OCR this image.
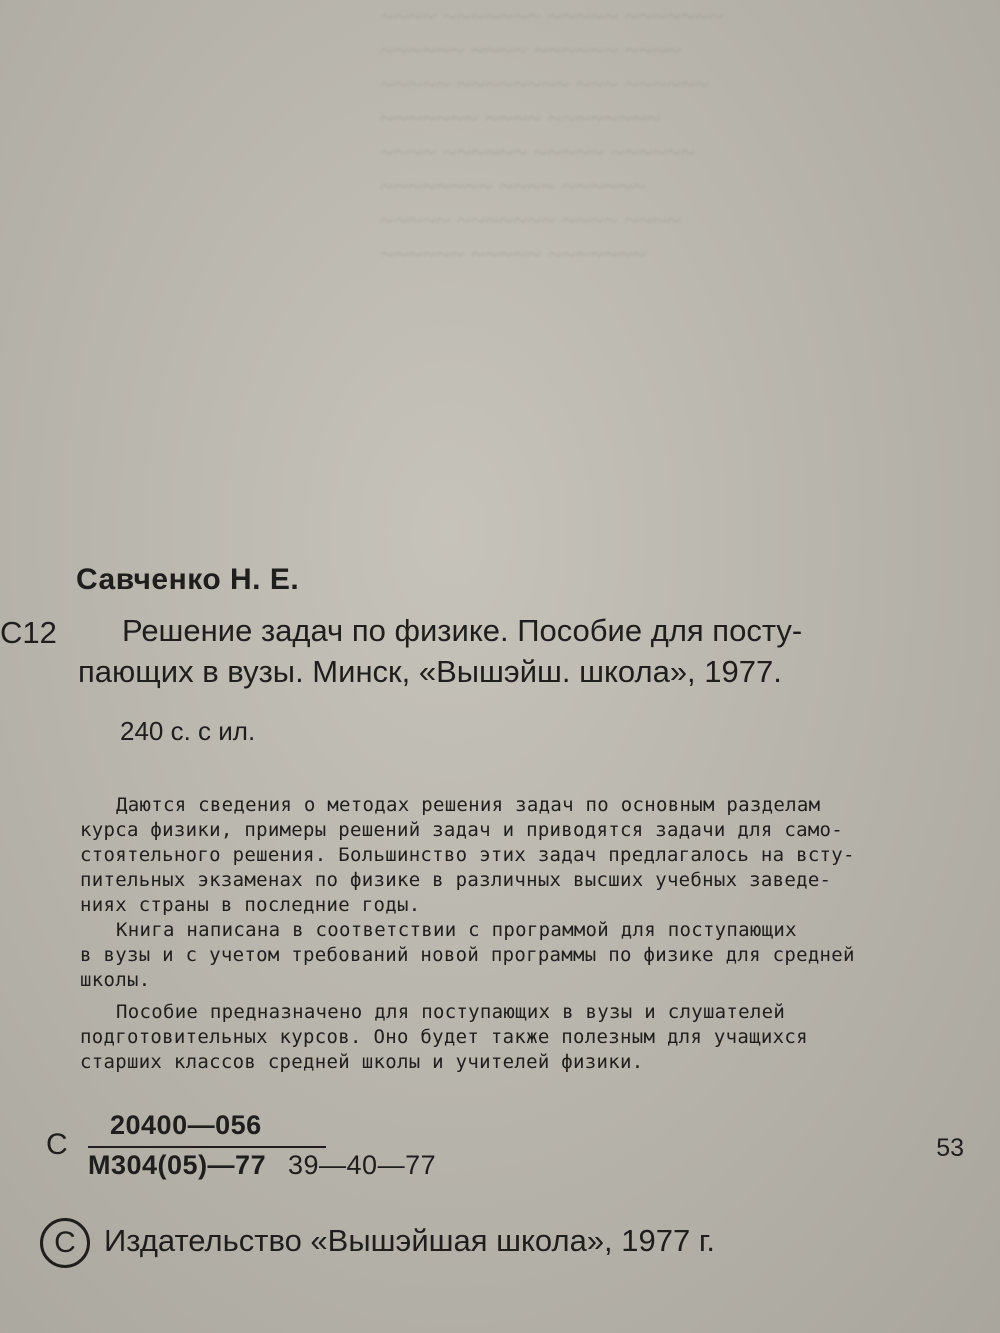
~~~~ ~~~~~~~ ~~~~~ ~~~~~~~
~~~~~~ ~~~~ ~~~~~~ ~~~~
~~~~~ ~~~~~~~~ ~~~ ~~~~~~
~~~~~~~ ~~~~ ~~~~~~~~
~~~~ ~~~~~~ ~~~~~ ~~~~~~
~~~~~~~~ ~~~~ ~~~~~~
~~~~~ ~~~~~~~ ~~~~ ~~~~
~~~~~~ ~~~~~ ~~~~~~~
Савченко Н. Е.
С12 Решение задач по физике. Пособие для посту-
пающих в вузы. Минск, «Вышэйш. школа», 1977.
240 с. с ил.
Даются сведения о методах решения задач по основным разделам
курса физики, примеры решений задач и приводятся задачи для само-
стоятельного решения. Большинство этих задач предлагалось на всту-
пительных экзаменах по физике в различных высших учебных заведе-
ниях страны в последние годы.
Книга написана в соответствии с программой для поступающих
в вузы и с учетом требований новой программы по физике для средней
школы.
Пособие предназначено для поступающих в вузы и слушателей
подготовительных курсов. Оно будет также полезным для учащихся
старших классов средней школы и учителей физики.
С
20400—056
М304(05)—77 39—40—77
53
C Издательство «Вышэйшая школа», 1977 г.
